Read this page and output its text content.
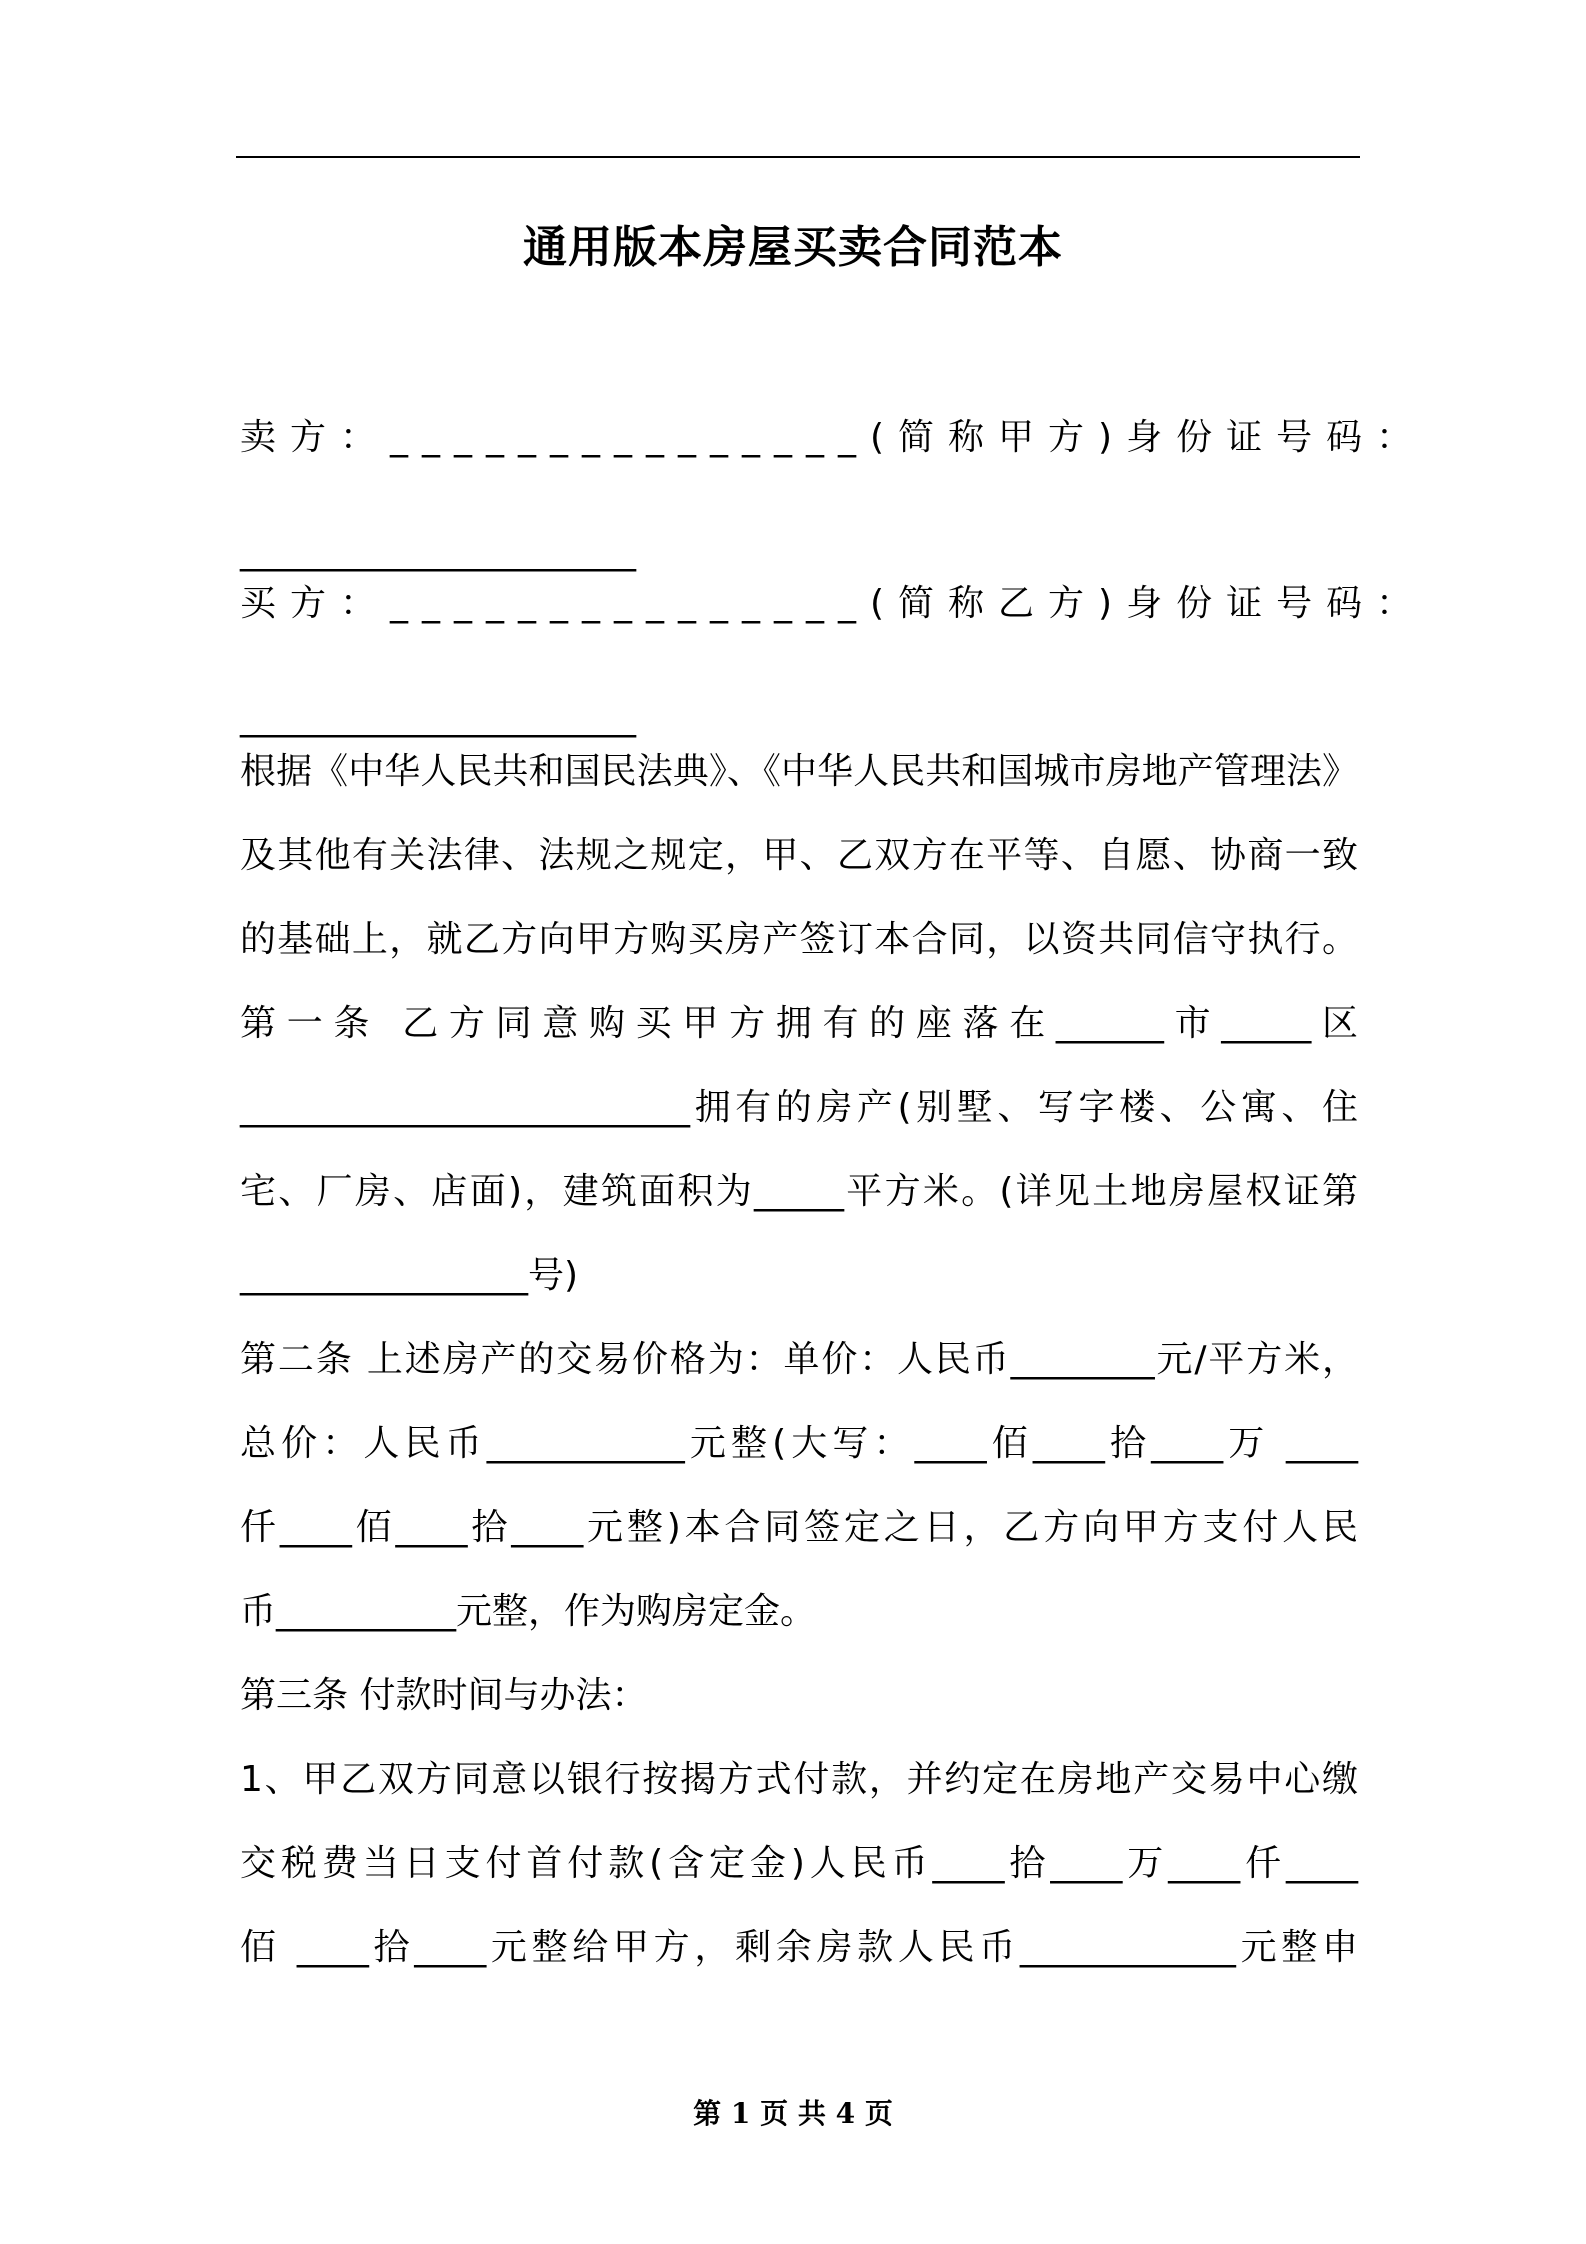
通用版本房屋买卖合同范本
卖方：_______________(简称甲方)身份证号码：
______________________
买方：_______________(简称乙方)身份证号码：
______________________
根据《中华人民共和国民法典》、《中华人民共和国城市房地产管理法》
及其他有关法律、法规之规定，甲、乙双方在平等、自愿、协商一致
的基础上，就乙方向甲方购买房产签订本合同，以资共同信守执行。
第一条 乙方同意购买甲方拥有的座落在______市_____区
_________________________拥有的房产(别墅、写字楼、公寓、住
宅、厂房、店面)，建筑面积为_____平方米。(详见土地房屋权证第
________________号)
第二条 上述房产的交易价格为：单价：人民币________元/平方米，
总价：人民币___________元整(大写：____佰____拾____万 ____
仟____佰____拾____元整)本合同签定之日，乙方向甲方支付人民
币__________元整，作为购房定金。
第三条 付款时间与办法：
1、甲乙双方同意以银行按揭方式付款，并约定在房地产交易中心缴
交税费当日支付首付款(含定金)人民币____拾____万____仟____
佰 ____拾____元整给甲方，剩余房款人民币____________元整申
第 1 页 共 4 页
